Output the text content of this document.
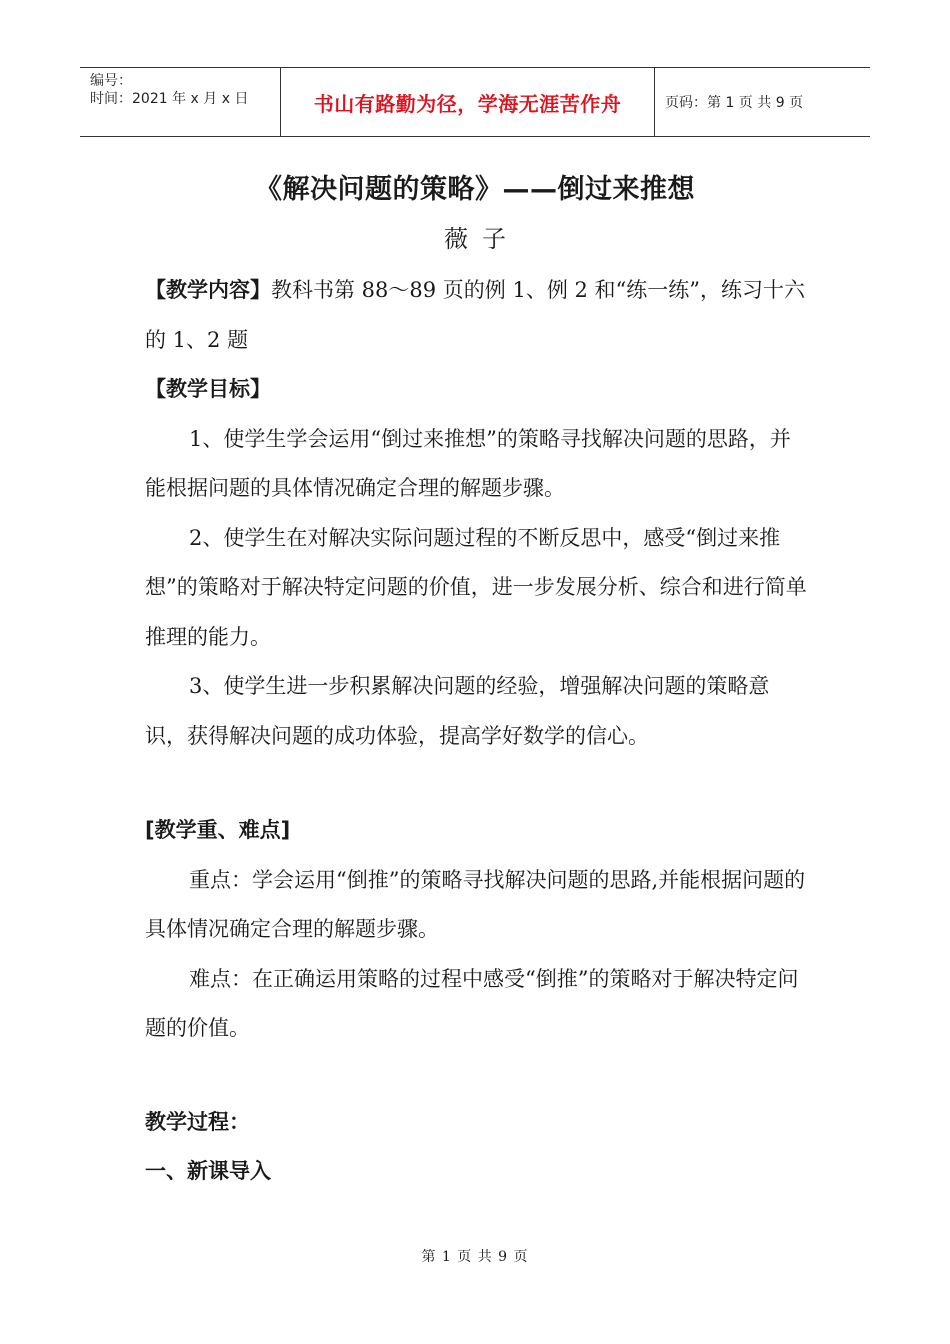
编号：
时间：2021 年 x 月 x 日	书山有路勤为径，学海无涯苦作舟	页码：第 1 页 共 9 页
《解决问题的策略》——倒过来推想
薇子

【教学内容】教科书第 88～89 页的例 1、例 2 和“练一练”，练习十六的 1、2 题

【教学目标】

1、使学生学会运用“倒过来推想”的策略寻找解决问题的思路，并能根据问题的具体情况确定合理的解题步骤。

2、使学生在对解决实际问题过程的不断反思中，感受“倒过来推想”的策略对于解决特定问题的价值，进一步发展分析、综合和进行简单推理的能力。

3、使学生进一步积累解决问题的经验，增强解决问题的策略意识，获得解决问题的成功体验，提高学好数学的信心。

[教学重、难点]

重点：学会运用“倒推”的策略寻找解决问题的思路,并能根据问题的具体情况确定合理的解题步骤。

难点：在正确运用策略的过程中感受“倒推”的策略对于解决特定问题的价值。

教学过程：

一、新课导入

第 1 页 共 9 页
